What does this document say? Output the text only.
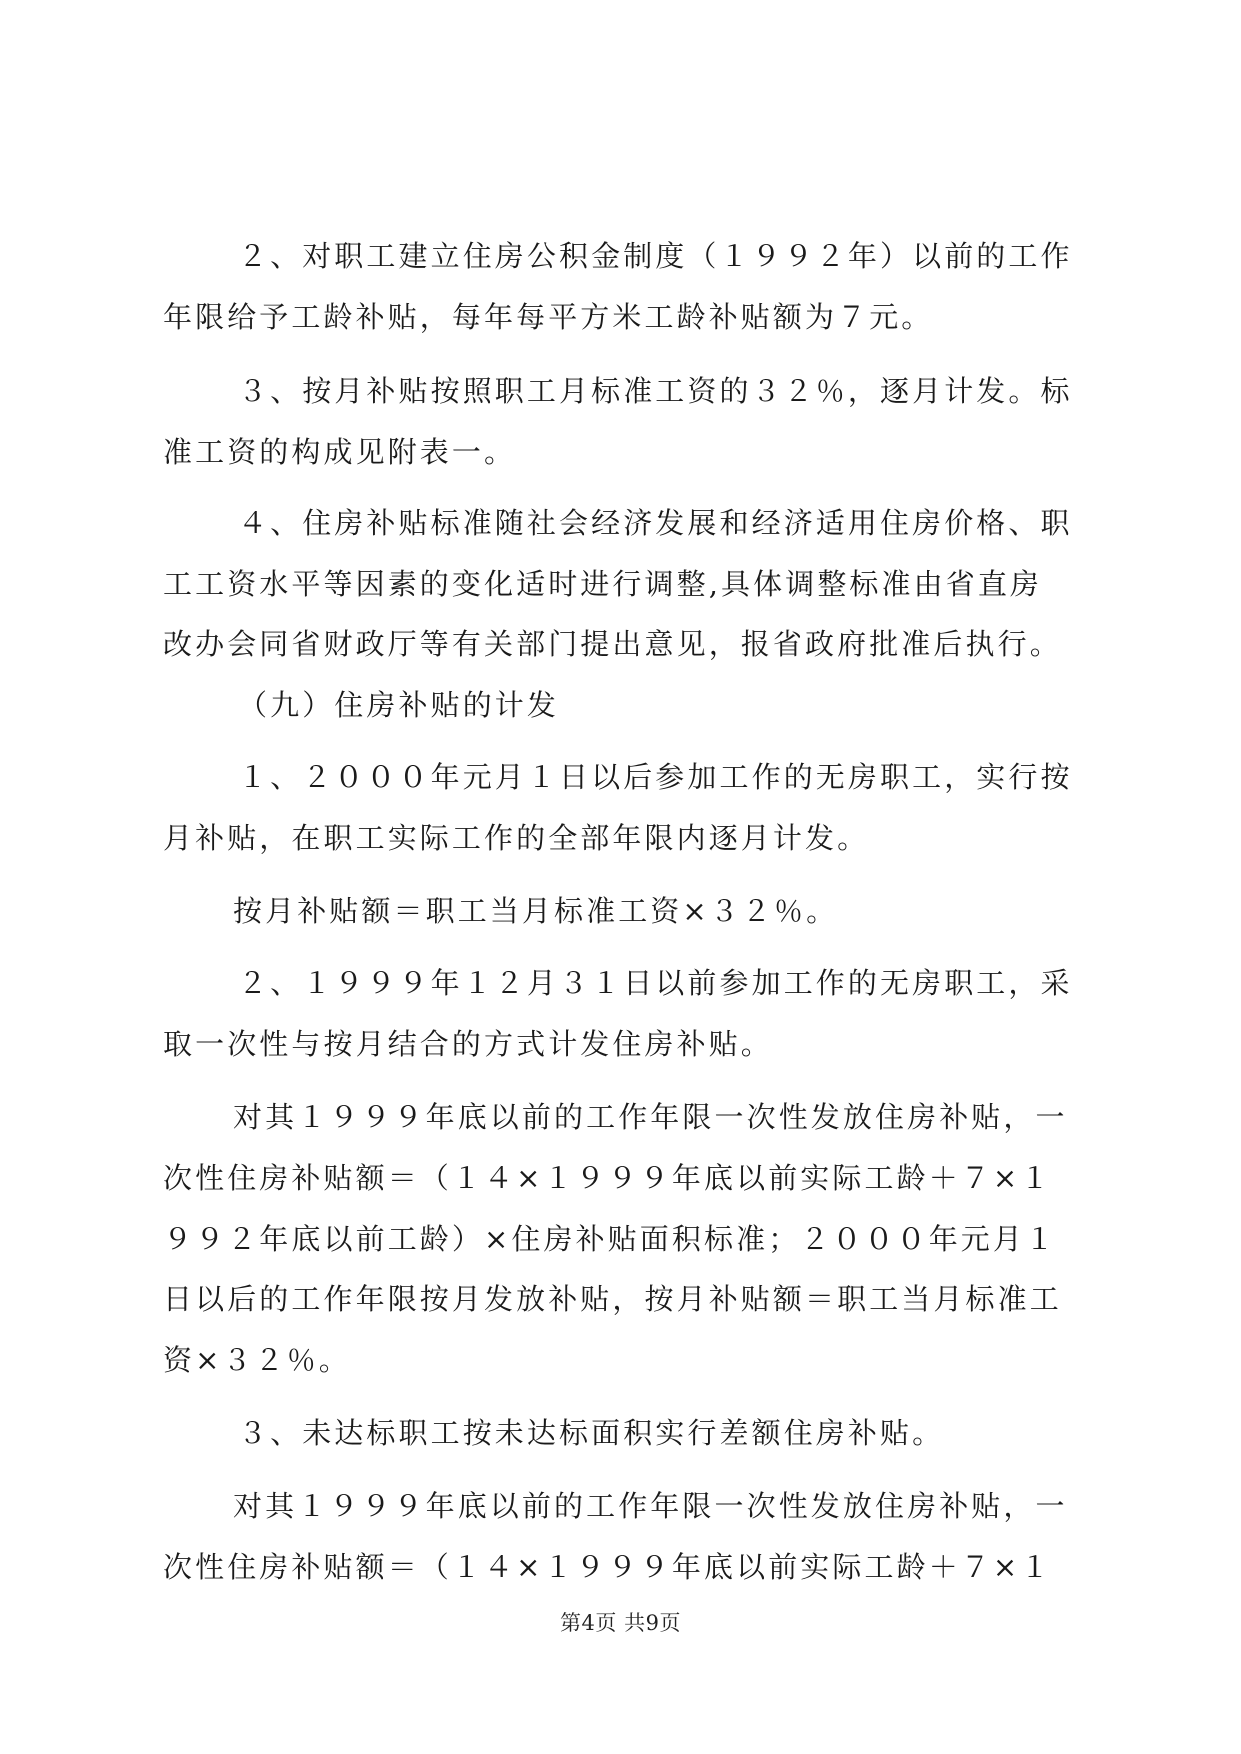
２、对职工建立住房公积金制度（１９９２年）以前的工作
年限给予工龄补贴，每年每平方米工龄补贴额为７元。
３、按月补贴按照职工月标准工资的３２％，逐月计发。标
准工资的构成见附表一。
４、住房补贴标准随社会经济发展和经济适用住房价格、职
工工资水平等因素的变化适时进行调整,具体调整标准由省直房
改办会同省财政厅等有关部门提出意见，报省政府批准后执行。
（九）住房补贴的计发
１、２０００年元月１日以后参加工作的无房职工，实行按
月补贴，在职工实际工作的全部年限内逐月计发。
按月补贴额＝职工当月标准工资×３２％。
２、１９９９年１２月３１日以前参加工作的无房职工，采
取一次性与按月结合的方式计发住房补贴。
对其１９９９年底以前的工作年限一次性发放住房补贴，一
次性住房补贴额＝（１４×１９９９年底以前实际工龄＋７×１
９９２年底以前工龄）×住房补贴面积标准；２０００年元月１
日以后的工作年限按月发放补贴，按月补贴额＝职工当月标准工
资×３２％。
３、未达标职工按未达标面积实行差额住房补贴。
对其１９９９年底以前的工作年限一次性发放住房补贴，一
次性住房补贴额＝（１４×１９９９年底以前实际工龄＋７×１
第4页 共9页
